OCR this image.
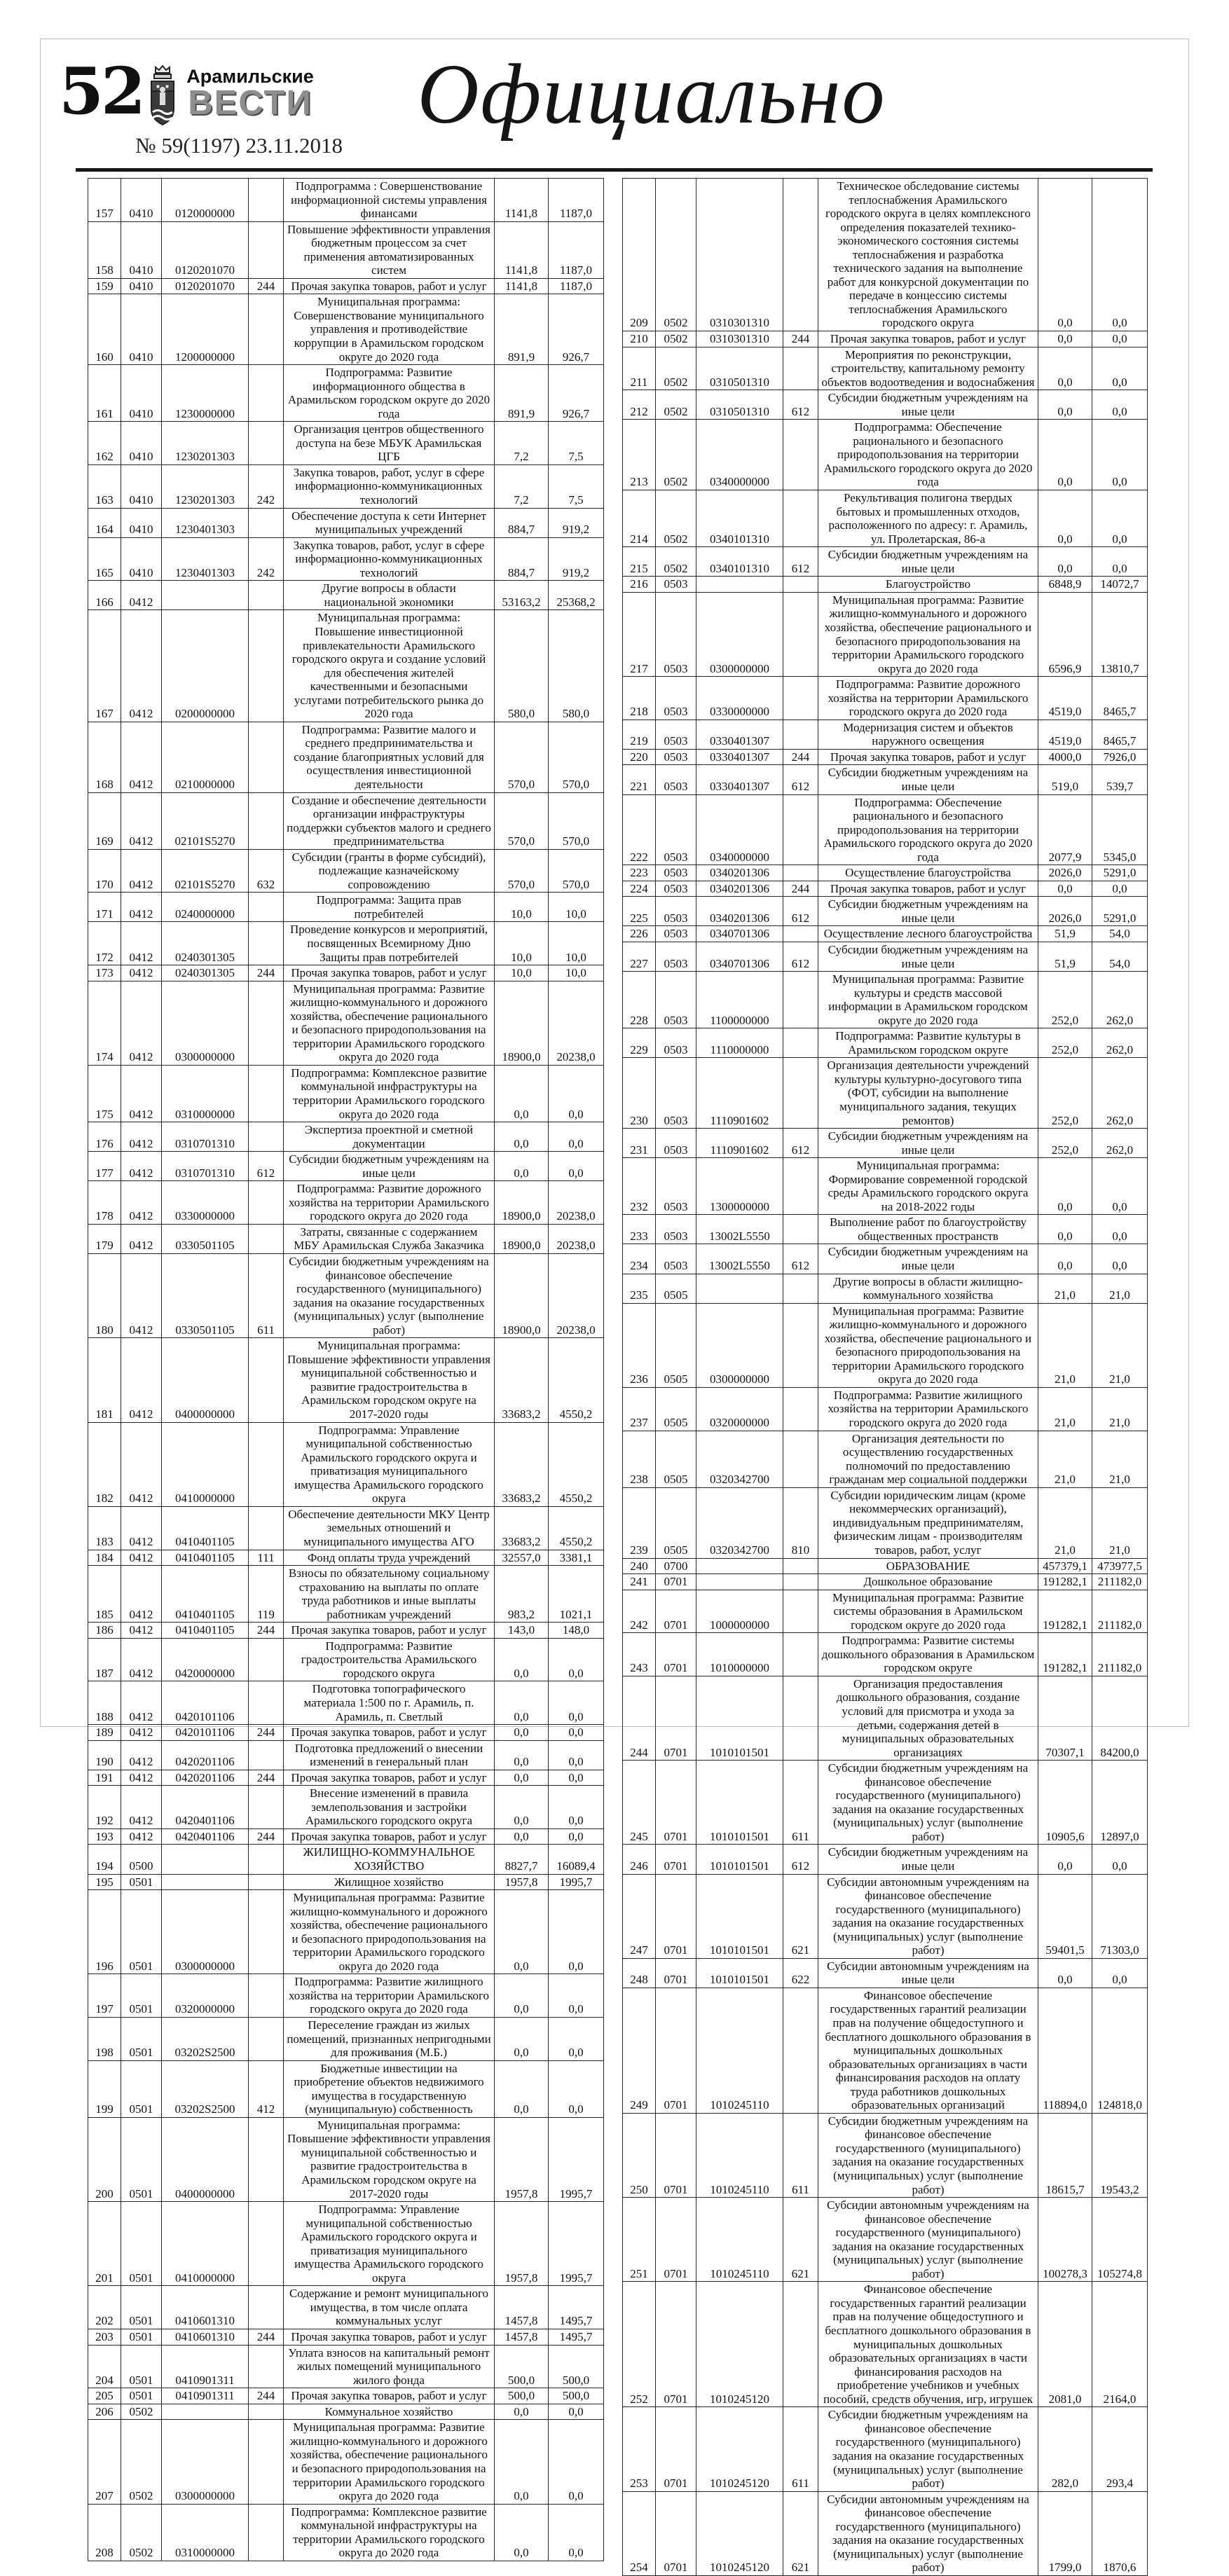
52 Арамильские
ВЕСТИ
№ 59(1197) 23.11.2018
Официально
157	0410	0120000000		Подпрограмма : Совершенствование информационной системы управления финансами	1141,8	1187,0
158	0410	0120201070		Повышение эффективности управления бюджетным процессом за счет применения автоматизированных систем	1141,8	1187,0
159	0410	0120201070	244	Прочая закупка товаров, работ и услуг	1141,8	1187,0
160	0410	1200000000		Муниципальная программа: Совершенствование муниципального управления и противодействие коррупции в Арамильском городском округе до 2020 года	891,9	926,7
161	0410	1230000000		Подпрограмма: Развитие информационного общества в Арамильском городском округе до 2020 года	891,9	926,7
162	0410	1230201303		Организация центров общественного доступа на безе МБУК Арамильская ЦГБ	7,2	7,5
163	0410	1230201303	242	Закупка товаров, работ, услуг в сфере информационно-коммуникационных технологий	7,2	7,5
164	0410	1230401303		Обеспечение доступа к сети Интернет муниципальных учреждений	884,7	919,2
165	0410	1230401303	242	Закупка товаров, работ, услуг в сфере информационно-коммуникационных технологий	884,7	919,2
166	0412			Другие вопросы в области национальной экономики	53163,2	25368,2
167	0412	0200000000		Муниципальная программа: Повышение инвестиционной привлекательности Арамильского городского округа и создание условий для обеспечения жителей качественными и безопасными услугами потребительского рынка до 2020 года	580,0	580,0
168	0412	0210000000		Подпрограмма: Развитие малого и среднего предпринимательства и создание благоприятных условий для осуществления инвестиционной деятельности	570,0	570,0
169	0412	02101S5270		Создание и обеспечение деятельности организации инфраструктуры поддержки субъектов малого и среднего предпринимательства	570,0	570,0
170	0412	02101S5270	632	Субсидии (гранты в форме субсидий), подлежащие казначейскому сопровождению	570,0	570,0
171	0412	0240000000		Подпрограмма: Защита прав потребителей	10,0	10,0
172	0412	0240301305		Проведение конкурсов и мероприятий, посвященных Всемирному Дню Защиты прав потребителей	10,0	10,0
173	0412	0240301305	244	Прочая закупка товаров, работ и услуг	10,0	10,0
174	0412	0300000000		Муниципальная программа: Развитие жилищно-коммунального и дорожного хозяйства, обеспечение рационального и безопасного природопользования на территории Арамильского городского округа до 2020 года	18900,0	20238,0
175	0412	0310000000		Подпрограмма: Комплексное развитие коммунальной инфраструктуры на территории Арамильского городского округа до 2020 года	0,0	0,0
176	0412	0310701310		Экспертиза проектной и сметной документации	0,0	0,0
177	0412	0310701310	612	Субсидии бюджетным учреждениям на иные цели	0,0	0,0
178	0412	0330000000		Подпрограмма: Развитие дорожного хозяйства на территории Арамильского городского округа до 2020 года	18900,0	20238,0
179	0412	0330501105		Затраты, связанные с содержанием МБУ Арамильская Служба Заказчика	18900,0	20238,0
180	0412	0330501105	611	Субсидии бюджетным учреждениям на финансовое обеспечение государственного (муниципального) задания на оказание государственных (муниципальных) услуг (выполнение работ)	18900,0	20238,0
181	0412	0400000000		Муниципальная программа: Повышение эффективности управления муниципальной собственностью и развитие градостроительства в Арамильском городском округе на 2017-2020 годы	33683,2	4550,2
182	0412	0410000000		Подпрограмма: Управление муниципальной собственностью Арамильского городского округа и приватизация муниципального имущества Арамильского городского округа	33683,2	4550,2
183	0412	0410401105		Обеспечение деятельности МКУ Центр земельных отношений и муниципального имущества АГО	33683,2	4550,2
184	0412	0410401105	111	Фонд оплаты труда учреждений	32557,0	3381,1
185	0412	0410401105	119	Взносы по обязательному социальному страхованию на выплаты по оплате труда работников и иные выплаты работникам учреждений	983,2	1021,1
186	0412	0410401105	244	Прочая закупка товаров, работ и услуг	143,0	148,0
187	0412	0420000000		Подпрограмма: Развитие градостроительства Арамильского городского округа	0,0	0,0
188	0412	0420101106		Подготовка топографического материала 1:500 по г. Арамиль, п. Арамиль, п. Светлый	0,0	0,0
189	0412	0420101106	244	Прочая закупка товаров, работ и услуг	0,0	0,0
190	0412	0420201106		Подготовка предложений о внесении изменений в генеральный план	0,0	0,0
191	0412	0420201106	244	Прочая закупка товаров, работ и услуг	0,0	0,0
192	0412	0420401106		Внесение изменений в правила землепользования и застройки Арамильского городского округа	0,0	0,0
193	0412	0420401106	244	Прочая закупка товаров, работ и услуг	0,0	0,0
194	0500			ЖИЛИЩНО-КОММУНАЛЬНОЕ ХОЗЯЙСТВО	8827,7	16089,4
195	0501			Жилищное хозяйство	1957,8	1995,7
196	0501	0300000000		Муниципальная программа: Развитие жилищно-коммунального и дорожного хозяйства, обеспечение рационального и безопасного природопользования на территории Арамильского городского округа до 2020 года	0,0	0,0
197	0501	0320000000		Подпрограмма: Развитие жилищного хозяйства на территории Арамильского городского округа до 2020 года	0,0	0,0
198	0501	03202S2500		Переселение граждан из жилых помещений, признанных непригодными для проживания (М.Б.)	0,0	0,0
199	0501	03202S2500	412	Бюджетные инвестиции на приобретение объектов недвижимого имущества в государственную (муниципальную) собственность	0,0	0,0
200	0501	0400000000		Муниципальная программа: Повышение эффективности управления муниципальной собственностью и развитие градостроительства в Арамильском городском округе на 2017-2020 годы	1957,8	1995,7
201	0501	0410000000		Подпрограмма: Управление муниципальной собственностью Арамильского городского округа и приватизация муниципального имущества Арамильского городского округа	1957,8	1995,7
202	0501	0410601310		Содержание и ремонт муниципального имущества, в том числе оплата коммунальных услуг	1457,8	1495,7
203	0501	0410601310	244	Прочая закупка товаров, работ и услуг	1457,8	1495,7
204	0501	0410901311		Уплата взносов на капитальный ремонт жилых помещений муниципального жилого фонда	500,0	500,0
205	0501	0410901311	244	Прочая закупка товаров, работ и услуг	500,0	500,0
206	0502			Коммунальное хозяйство	0,0	0,0
207	0502	0300000000		Муниципальная программа: Развитие жилищно-коммунального и дорожного хозяйства, обеспечение рационального и безопасного природопользования на территории Арамильского городского округа до 2020 года	0,0	0,0
208	0502	0310000000		Подпрограмма: Комплексное развитие коммунальной инфраструктуры на территории Арамильского городского округа до 2020 года	0,0	0,0
209	0502	0310301310		Техническое обследование системы теплоснабжения Арамильского городского округа в целях комплексного определения показателей технико-экономического состояния системы теплоснабжения и разработка технического задания на выполнение работ для конкурсной документации по передаче в концессию системы теплоснабжения Арамильского городского округа	0,0	0,0
210	0502	0310301310	244	Прочая закупка товаров, работ и услуг	0,0	0,0
211	0502	0310501310		Мероприятия по реконструкции, строительству, капитальному ремонту объектов водоотведения и водоснабжения	0,0	0,0
212	0502	0310501310	612	Субсидии бюджетным учреждениям на иные цели	0,0	0,0
213	0502	0340000000		Подпрограмма: Обеспечение рационального и безопасного природопользования на территории Арамильского городского округа до 2020 года	0,0	0,0
214	0502	0340101310		Рекультивация полигона твердых бытовых и промышленных отходов, расположенного по адресу: г. Арамиль, ул. Пролетарская, 86-а	0,0	0,0
215	0502	0340101310	612	Субсидии бюджетным учреждениям на иные цели	0,0	0,0
216	0503			Благоустройство	6848,9	14072,7
217	0503	0300000000		Муниципальная программа: Развитие жилищно-коммунального и дорожного хозяйства, обеспечение рационального и безопасного природопользования на территории Арамильского городского округа до 2020 года	6596,9	13810,7
218	0503	0330000000		Подпрограмма: Развитие дорожного хозяйства на территории Арамильского городского округа до 2020 года	4519,0	8465,7
219	0503	0330401307		Модернизация систем и объектов наружного освещения	4519,0	8465,7
220	0503	0330401307	244	Прочая закупка товаров, работ и услуг	4000,0	7926,0
221	0503	0330401307	612	Субсидии бюджетным учреждениям на иные цели	519,0	539,7
222	0503	0340000000		Подпрограмма: Обеспечение рационального и безопасного природопользования на территории Арамильского городского округа до 2020 года	2077,9	5345,0
223	0503	0340201306		Осуществление благоустройства	2026,0	5291,0
224	0503	0340201306	244	Прочая закупка товаров, работ и услуг	0,0	0,0
225	0503	0340201306	612	Субсидии бюджетным учреждениям на иные цели	2026,0	5291,0
226	0503	0340701306		Осуществление лесного благоустройства	51,9	54,0
227	0503	0340701306	612	Субсидии бюджетным учреждениям на иные цели	51,9	54,0
228	0503	1100000000		Муниципальная программа: Развитие культуры и средств массовой информации в Арамильском городском округе до 2020 года	252,0	262,0
229	0503	1110000000		Подпрограмма: Развитие культуры в Арамильском городском округе	252,0	262,0
230	0503	1110901602		Организация деятельности учреждений культуры культурно-досугового типа (ФОТ, субсидии на выполнение муниципального задания, текущих ремонтов)	252,0	262,0
231	0503	1110901602	612	Субсидии бюджетным учреждениям на иные цели	252,0	262,0
232	0503	1300000000		Муниципальная программа: Формирование современной городской среды Арамильского городского округа на 2018-2022 годы	0,0	0,0
233	0503	13002L5550		Выполнение работ по благоустройству общественных пространств	0,0	0,0
234	0503	13002L5550	612	Субсидии бюджетным учреждениям на иные цели	0,0	0,0
235	0505			Другие вопросы в области жилищно-коммунального хозяйства	21,0	21,0
236	0505	0300000000		Муниципальная программа: Развитие жилищно-коммунального и дорожного хозяйства, обеспечение рационального и безопасного природопользования на территории Арамильского городского округа до 2020 года	21,0	21,0
237	0505	0320000000		Подпрограмма: Развитие жилищного хозяйства на территории Арамильского городского округа до 2020 года	21,0	21,0
238	0505	0320342700		Организация деятельности по осуществлению государственных полномочий по предоставлению гражданам мер социальной поддержки	21,0	21,0
239	0505	0320342700	810	Субсидии юридическим лицам (кроме некоммерческих организаций), индивидуальным предпринимателям, физическим лицам - производителям товаров, работ, услуг	21,0	21,0
240	0700			ОБРАЗОВАНИЕ	457379,1	473977,5
241	0701			Дошкольное образование	191282,1	211182,0
242	0701	1000000000		Муниципальная программа: Развитие системы образования в Арамильском городском округе до 2020 года	191282,1	211182,0
243	0701	1010000000		Подпрограмма: Развитие системы дошкольного образования в Арамильском городском округе	191282,1	211182,0
244	0701	1010101501		Организация предоставления дошкольного образования, создание условий для присмотра и ухода за детьми, содержания детей в муниципальных образовательных организациях	70307,1	84200,0
245	0701	1010101501	611	Субсидии бюджетным учреждениям на финансовое обеспечение государственного (муниципального) задания на оказание государственных (муниципальных) услуг (выполнение работ)	10905,6	12897,0
246	0701	1010101501	612	Субсидии бюджетным учреждениям на иные цели	0,0	0,0
247	0701	1010101501	621	Субсидии автономным учреждениям на финансовое обеспечение государственного (муниципального) задания на оказание государственных (муниципальных) услуг (выполнение работ)	59401,5	71303,0
248	0701	1010101501	622	Субсидии автономным учреждениям на иные цели	0,0	0,0
249	0701	1010245110		Финансовое обеспечение государственных гарантий реализации прав на получение общедоступного и бесплатного дошкольного образования в муниципальных дошкольных образовательных организациях в части финансирования расходов на оплату труда работников дошкольных образовательных организаций	118894,0	124818,0
250	0701	1010245110	611	Субсидии бюджетным учреждениям на финансовое обеспечение государственного (муниципального) задания на оказание государственных (муниципальных) услуг (выполнение работ)	18615,7	19543,2
251	0701	1010245110	621	Субсидии автономным учреждениям на финансовое обеспечение государственного (муниципального) задания на оказание государственных (муниципальных) услуг (выполнение работ)	100278,3	105274,8
252	0701	1010245120		Финансовое обеспечение государственных гарантий реализации прав на получение общедоступного и бесплатного дошкольного образования в муниципальных дошкольных образовательных организациях в части финансирования расходов на приобретение учебников и учебных пособий, средств обучения, игр, игрушек	2081,0	2164,0
253	0701	1010245120	611	Субсидии бюджетным учреждениям на финансовое обеспечение государственного (муниципального) задания на оказание государственных (муниципальных) услуг (выполнение работ)	282,0	293,4
254	0701	1010245120	621	Субсидии автономным учреждениям на финансовое обеспечение государственного (муниципального) задания на оказание государственных (муниципальных) услуг (выполнение работ)	1799,0	1870,6
